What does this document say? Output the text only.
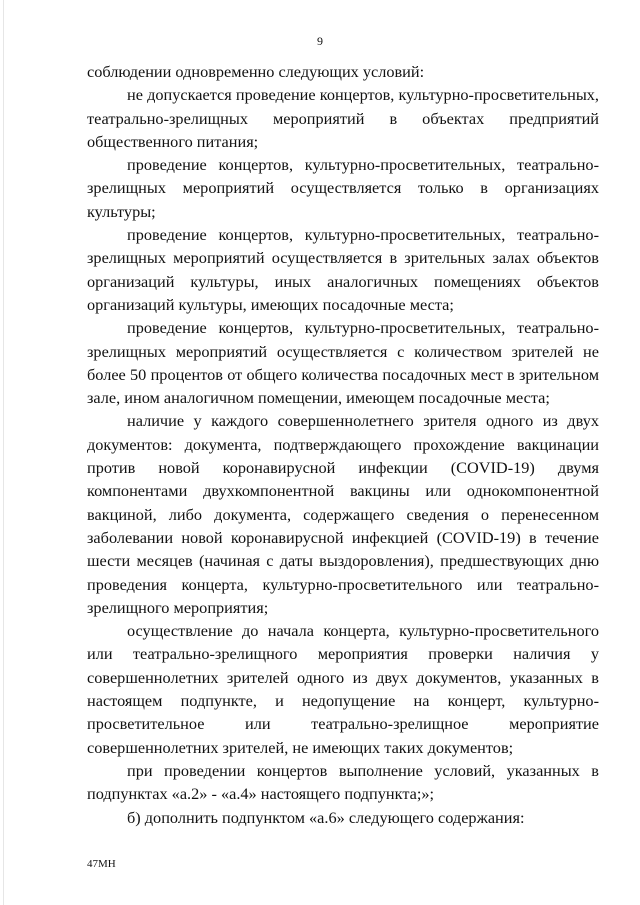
9

соблюдении одновременно следующих условий:

не допускается проведение концертов, культурно-просветительных, театрально-зрелищных мероприятий в объектах предприятий общественного питания;

проведение концертов, культурно-просветительных, театрально-зрелищных мероприятий осуществляется только в организациях культуры;

проведение концертов, культурно-просветительных, театрально-зрелищных мероприятий осуществляется в зрительных залах объектов организаций культуры, иных аналогичных помещениях объектов организаций культуры, имеющих посадочные места;

проведение концертов, культурно-просветительных, театрально-зрелищных мероприятий осуществляется с количеством зрителей не более 50 процентов от общего количества посадочных мест в зрительном зале, ином аналогичном помещении, имеющем посадочные места;

наличие у каждого совершеннолетнего зрителя одного из двух документов: документа, подтверждающего прохождение вакцинации против новой коронавирусной инфекции (COVID-19) двумя компонентами двухкомпонентной вакцины или однокомпонентной вакциной, либо документа, содержащего сведения о перенесенном заболевании новой коронавирусной инфекцией (COVID-19) в течение шести месяцев (начиная с даты выздоровления), предшествующих дню проведения концерта, культурно-просветительного или театрально-зрелищного мероприятия;

осуществление до начала концерта, культурно-просветительного или театрально-зрелищного мероприятия проверки наличия у совершеннолетних зрителей одного из двух документов, указанных в настоящем подпункте, и недопущение на концерт, культурно-просветительное или театрально-зрелищное мероприятие совершеннолетних зрителей, не имеющих таких документов;

при проведении концертов выполнение условий, указанных в подпунктах «а.2» - «а.4» настоящего подпункта;»;

б) дополнить подпунктом «а.6» следующего содержания:

47МН
